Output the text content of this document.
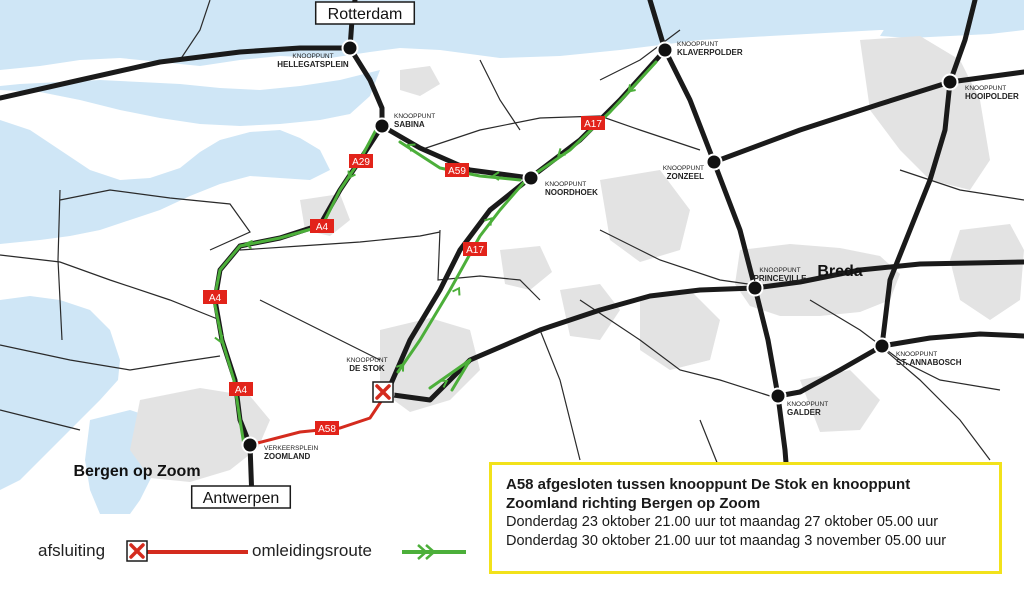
A29
A17
A59
A4
A17
A4
A4
A58
KNOOPPUNT
HELLEGATSPLEIN
KNOOPPUNT
SABINA
KNOOPPUNT
KLAVERPOLDER
KNOOPPUNT
NOORDHOEK
KNOOPPUNT
ZONZEEL
KNOOPPUNT
HOOIPOLDER
KNOOPPUNT
PRINCEVILLE
KNOOPPUNT
DE STOK
KNOOPPUNT
ST. ANNABOSCH
KNOOPPUNT
GALDER
VERKEERSPLEIN
ZOOMLAND
Rotterdam
Antwerpen
Bergen op Zoom
Breda

A58 afgesloten tussen knooppunt De Stok en knooppunt Zoomland richting Bergen op Zoom

Donderdag 23 oktober 21.00 uur tot maandag 27 oktober 05.00 uur

Donderdag 30 oktober 21.00 uur tot maandag 3 november 05.00 uur

afsluiting	omleidingsroute
